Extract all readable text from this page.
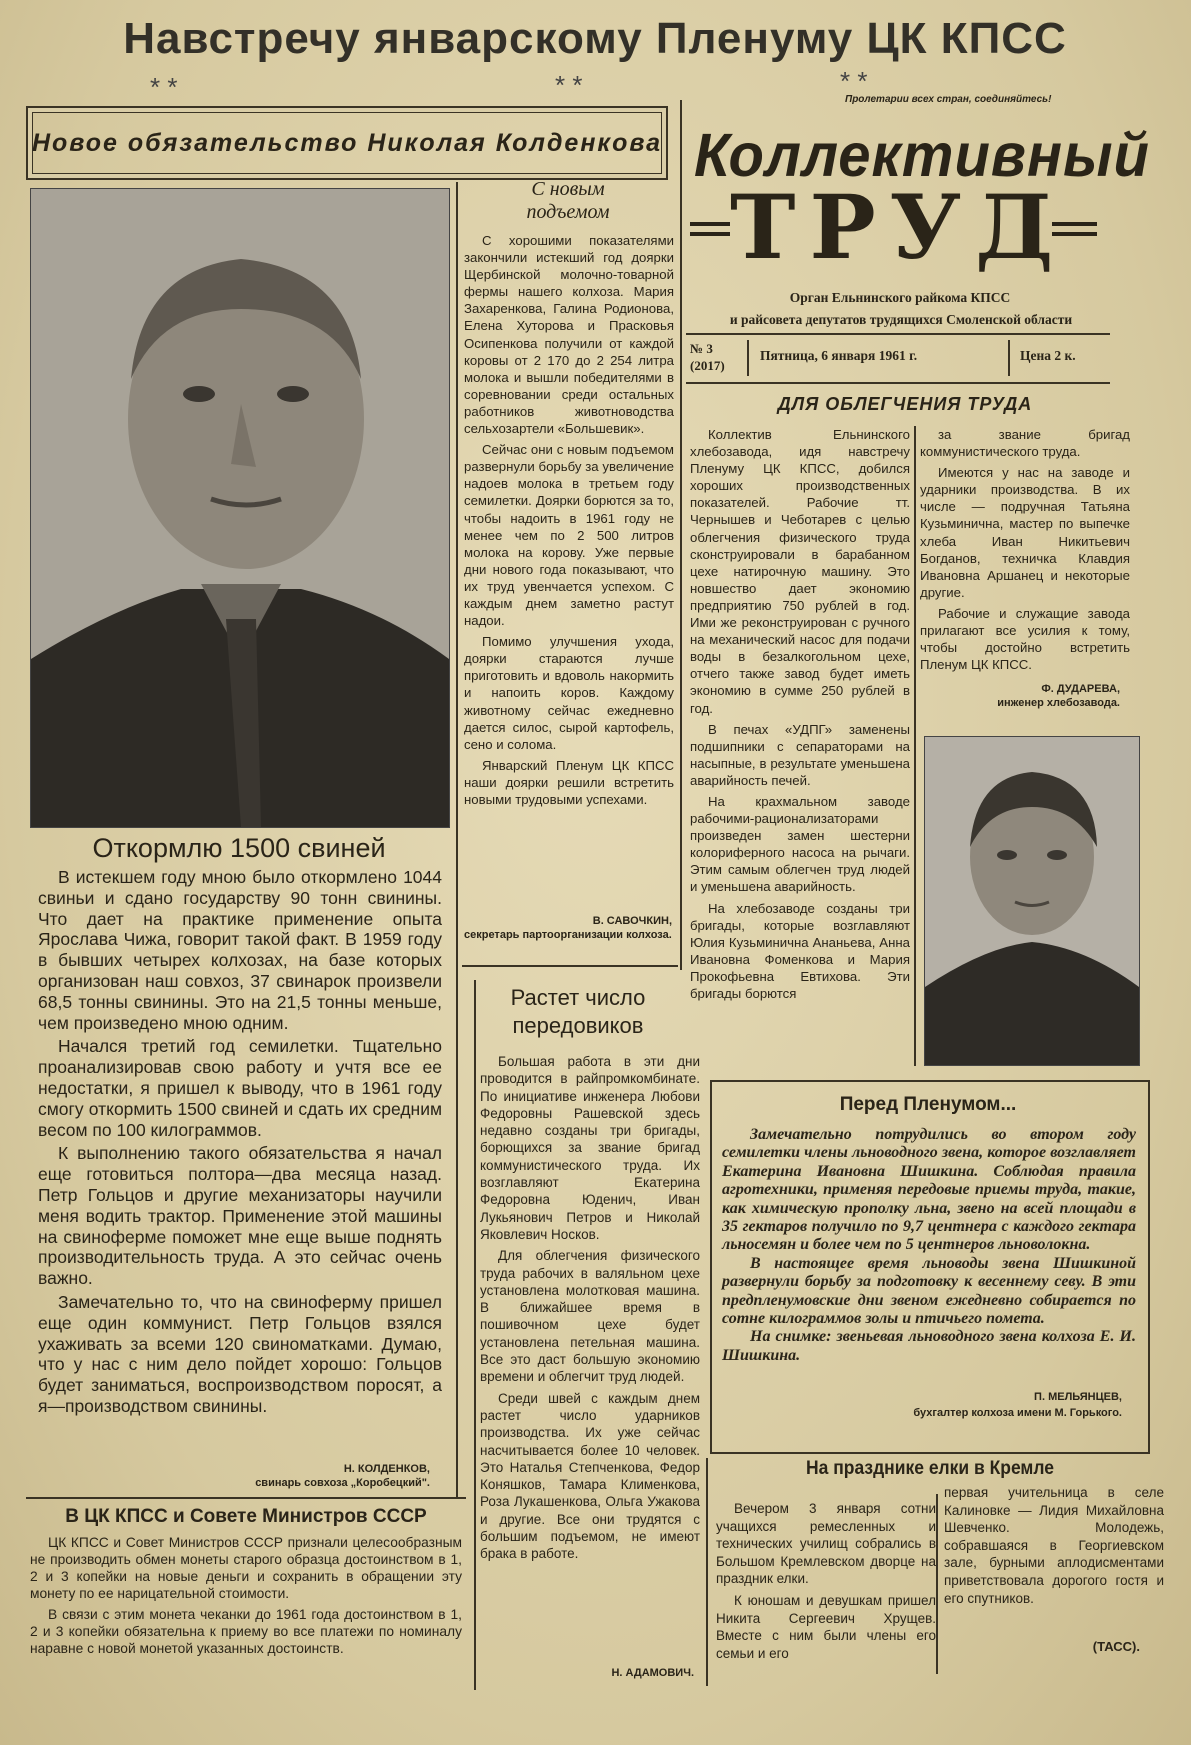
Навстречу январскому Пленуму ЦК КПСС
* *	* *	* *
Новое обязательство Николая Колденкова
Пролетарии всех стран, соединяйтесь!
Коллективный
ТРУД
Орган Ельнинского райкома КПСС
и райсовета депутатов трудящихся Смоленской области
№ 3
(2017)
Пятница, 6 января 1961 г.	Цена 2 к.
Откормлю 1500 свиней

В истекшем году мною было откормлено 1044 свиньи и сдано государству 90 тонн свинины. Что дает на практике применение опыта Ярослава Чижа, говорит такой факт. В 1959 году в бывших четырех колхозах, на базе которых организован наш совхоз, 37 свинарок произвели 68,5 тонны свинины. Это на 21,5 тонны меньше, чем произведено мною одним.

Начался третий год семилетки. Тщательно проанализировав свою работу и учтя все ее недостатки, я пришел к выводу, что в 1961 году смогу откормить 1500 свиней и сдать их средним весом по 100 килограммов.

К выполнению такого обязательства я начал еще готовиться полтора—два месяца назад. Петр Гольцов и другие механизаторы научили меня водить трактор. Применение этой машины на свиноферме поможет мне еще выше поднять производительность труда. А это сейчас очень важно.

Замечательно то, что на свиноферму пришел еще один коммунист. Петр Гольцов взялся ухаживать за всеми 120 свиноматками. Думаю, что у нас с ним дело пойдет хорошо: Гольцов будет заниматься, воспроизводством поросят, а я—производством свинины.

Н. КОЛДЕНКОВ,
свинарь совхоза „Коробецкий".
В ЦК КПСС и Совете Министров СССР

ЦК КПСС и Совет Министров СССР признали целесообразным не производить обмен монеты старого образца достоинством в 1, 2 и 3 копейки на новые деньги и сохранить в обращении эту монету по ее нарицательной стоимости.

В связи с этим монета чеканки до 1961 года достоинством в 1, 2 и 3 копейки обязательна к приему во все платежи по номиналу наравне с новой монетой указанных достоинств.

С новым
подъемом

С хорошими показателями закончили истекший год доярки Щербинской молочно-товарной фермы нашего колхоза. Мария Захаренкова, Галина Родионова, Елена Хуторова и Прасковья Осипенкова получили от каждой коровы от 2 170 до 2 254 литра молока и вышли победителями в соревновании среди остальных работников животноводства сельхозартели «Большевик».

Сейчас они с новым подъемом развернули борьбу за увеличение надоев молока в третьем году семилетки. Доярки борются за то, чтобы надоить в 1961 году не менее чем по 2 500 литров молока на корову. Уже первые дни нового года показывают, что их труд увенчается успехом. С каждым днем заметно растут надои.

Помимо улучшения ухода, доярки стараются лучше приготовить и вдоволь накормить и напоить коров. Каждому животному сейчас ежедневно дается силос, сырой картофель, сено и солома.

Январский Пленум ЦК КПСС наши доярки решили встретить новыми трудовыми успехами.

В. САВОЧКИН,
секретарь партоорганизации колхоза.
Растет число
передовиков

Большая работа в эти дни проводится в райпромкомбинате. По инициативе инженера Любови Федоровны Рашевской здесь недавно созданы три бригады, борющихся за звание бригад коммунистического труда. Их возглавляют Екатерина Федоровна Юденич, Иван Лукьянович Петров и Николай Яковлевич Носков.

Для облегчения физического труда рабочих в валяльном цехе установлена молотковая машина. В ближайшее время в пошивочном цехе будет установлена петельная машина. Все это даст большую экономию времени и облегчит труд людей.

Среди швей с каждым днем растет число ударников производства. Их уже сейчас насчитывается более 10 человек. Это Наталья Степченкова, Федор Коняшков, Тамара Клименкова, Роза Лукашенкова, Ольга Ужакова и другие. Все они трудятся с большим подъемом, не имеют брака в работе.

Н. АДАМОВИЧ.
ДЛЯ ОБЛЕГЧЕНИЯ ТРУДА

Коллектив Ельнинского хлебозавода, идя навстречу Пленуму ЦК КПСС, добился хороших производственных показателей. Рабочие тт. Чернышев и Чеботарев с целью облегчения физического труда сконструировали в барабанном цехе натирочную машину. Это новшество дает экономию предприятию 750 рублей в год. Ими же реконструирован с ручного на механический насос для подачи воды в безалкогольном цехе, отчего также завод будет иметь экономию в сумме 250 рублей в год.

В печах «УДПГ» заменены подшипники с сепараторами на насыпные, в результате уменьшена аварийность печей.

На крахмальном заводе рабочими-рационализаторами произведен замен шестерни колориферного насоса на рычаги. Этим самым облегчен труд людей и уменьшена аварийность.

На хлебозаводе созданы три бригады, которые возглавляют Юлия Кузьминична Ананьева, Анна Ивановна Фоменкова и Мария Прокофьевна Евтихова. Эти бригады борются

за звание бригад коммунистического труда.

Имеются у нас на заводе и ударники производства. В их числе — подручная Татьяна Кузьминична, мастер по выпечке хлеба Иван Никитьевич Богданов, техничка Клавдия Ивановна Аршанец и некоторые другие.

Рабочие и служащие завода прилагают все усилия к тому, чтобы достойно встретить Пленум ЦК КПСС.

Ф. ДУДАРЕВА,
инженер хлебозавода.
Перед Пленумом...

Замечательно потрудились во втором году семилетки члены льноводного звена, которое возглавляет Екатерина Ивановна Шишкина. Соблюдая правила агротехники, применяя передовые приемы труда, такие, как химическую прополку льна, звено на всей площади в 35 гектаров получило по 9,7 центнера с каждого гектара льносемян и более чем по 5 центнеров льноволокна.

В настоящее время льноводы звена Шишкиной развернули борьбу за подготовку к весеннему севу. В эти предпленумовские дни звеном ежедневно собирается по сотне килограммов золы и птичьего помета.

На снимке: звеньевая льноводного звена колхоза Е. И. Шишкина.

П. МЕЛЬЯНЦЕВ,
бухгалтер колхоза имени М. Горького.
На празднике елки в Кремле

Вечером 3 января сотни учащихся ремесленных и технических училищ собрались в Большом Кремлевском дворце на праздник елки.

К юношам и девушкам пришел Никита Сергеевич Хрущев. Вместе с ним были члены его семьи и его

первая учительница в селе Калиновке — Лидия Михайловна Шевченко. Молодежь, собравшаяся в Георгиевском зале, бурными аплодисментами приветствовала дорогого гостя и его спутников.

(ТАСС).
